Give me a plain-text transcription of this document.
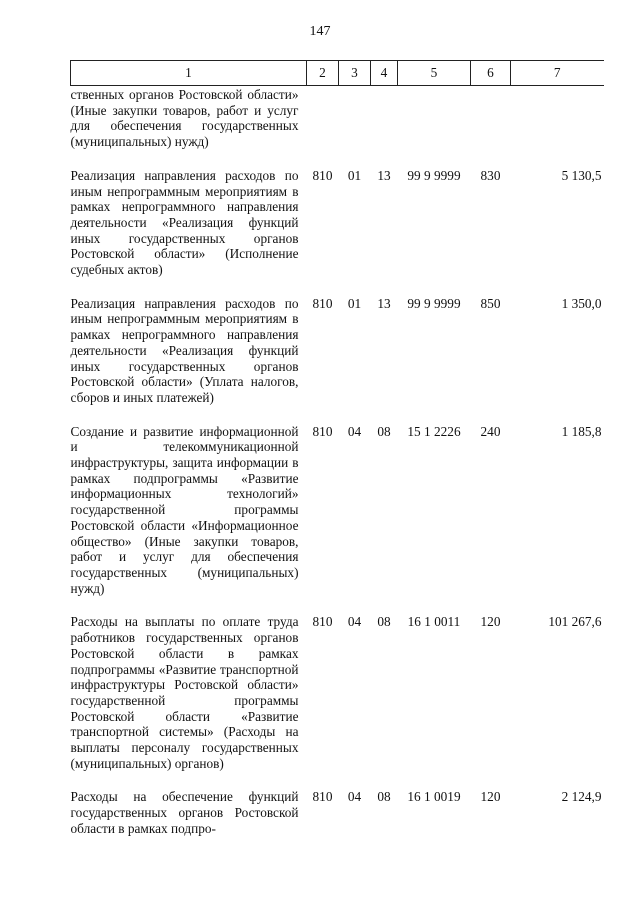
147
1	2	3	4	5	6	7
ственных органов Ростовской области» (Иные закупки товаров, работ и услуг для обеспечения государственных (муниципальных) нужд)						
Реализация направления расходов по иным непрограммным мероприятиям в рамках непрограммного направления деятельности «Реализация функций иных государственных органов Ростовской области» (Исполнение судебных актов)	810	01	13	99 9 9999	830	5 130,5
Реализация направления расходов по иным непрограммным мероприятиям в рамках непрограммного направления деятельности «Реализация функций иных государственных органов Ростовской области» (Уплата налогов, сборов и иных платежей)	810	01	13	99 9 9999	850	1 350,0
Создание и развитие информационной и телекоммуникационной инфраструктуры, защита информации в рамках подпрограммы «Развитие информационных технологий» государственной программы Ростовской области «Информационное общество» (Иные закупки товаров, работ и услуг для обеспечения государственных (муниципальных) нужд)	810	04	08	15 1 2226	240	1 185,8
Расходы на выплаты по оплате труда работников государственных органов Ростовской области в рамках подпрограммы «Развитие транспортной инфраструктуры Ростовской области» государственной программы Ростовской области «Развитие транспортной системы» (Расходы на выплаты персоналу государственных (муниципальных) органов)	810	04	08	16 1 0011	120	101 267,6
Расходы на обеспечение функций государственных органов Ростовской области в рамках подпро-	810	04	08	16 1 0019	120	2 124,9
